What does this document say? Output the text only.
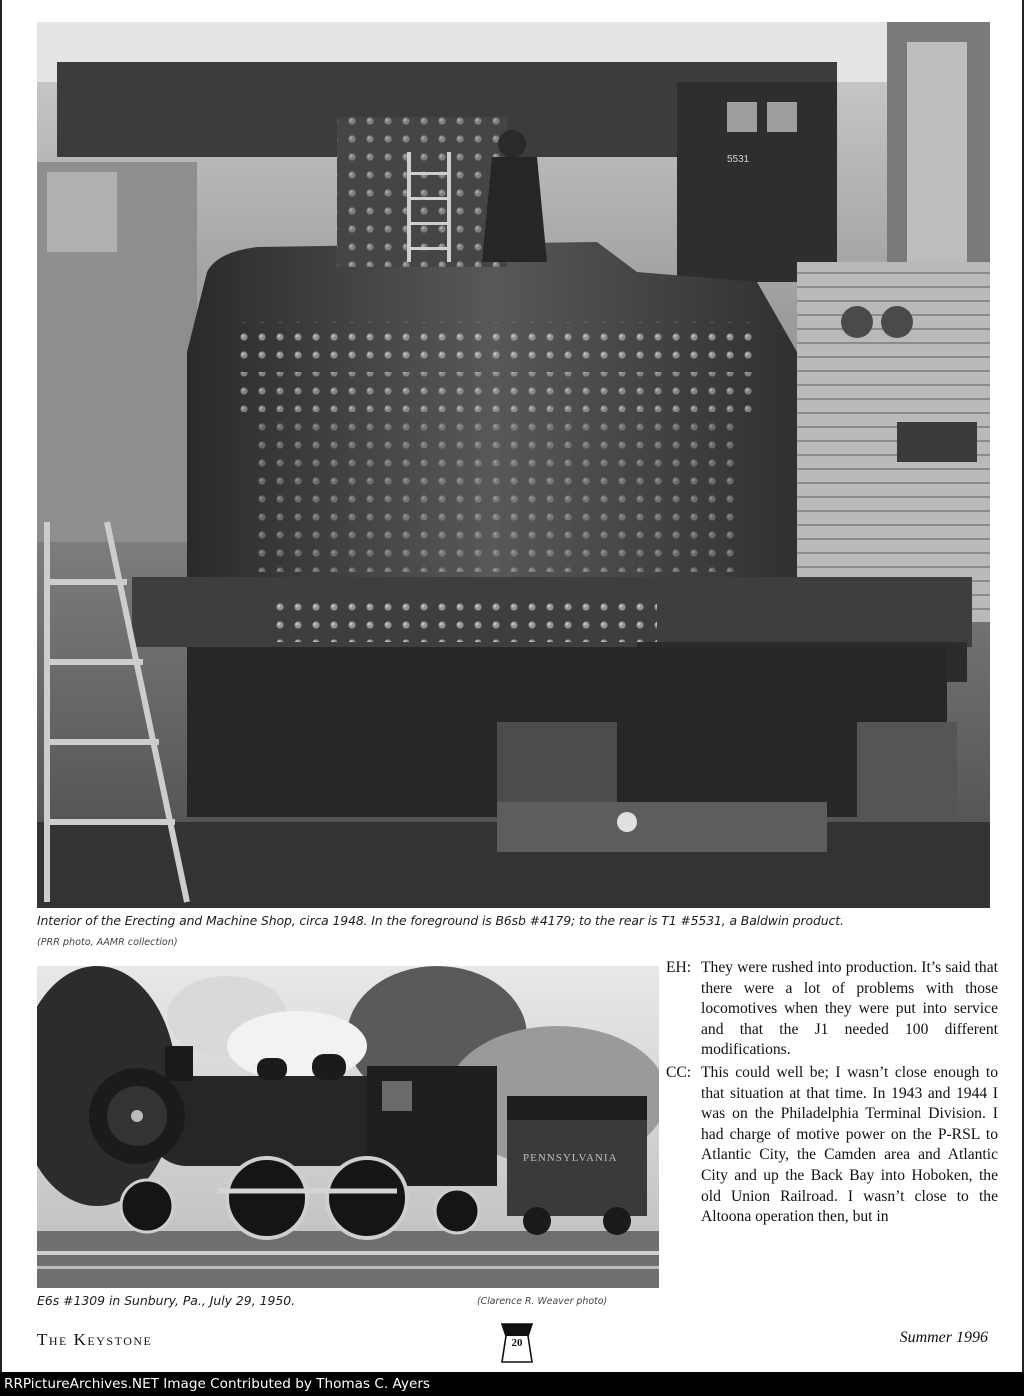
5531
Interior of the Erecting and Machine Shop, circa 1948. In the foreground is B6sb #4179; to the rear is T1 #5531, a Baldwin product.
(PRR photo, AAMR collection)
PENNSYLVANIA
E6s #1309 in Sunbury, Pa., July 29, 1950.	(Clarence R. Weaver photo)
EH: They were rushed into production. It’s said that there were a lot of problems with those locomotives when they were put into service and that the J1 needed 100 different modifications.
CC: This could well be; I wasn’t close enough to that situation at that time. In 1943 and 1944 I was on the Philadelphia Terminal Division. I had charge of motive power on the P-RSL to Atlantic City, the Camden area and Atlantic City and up the Back Bay into Hoboken, the old Union Railroad. I wasn’t close to the Altoona operation then, but in
The Keystone	20	Summer 1996
RRPictureArchives.NET Image Contributed by Thomas C. Ayers
